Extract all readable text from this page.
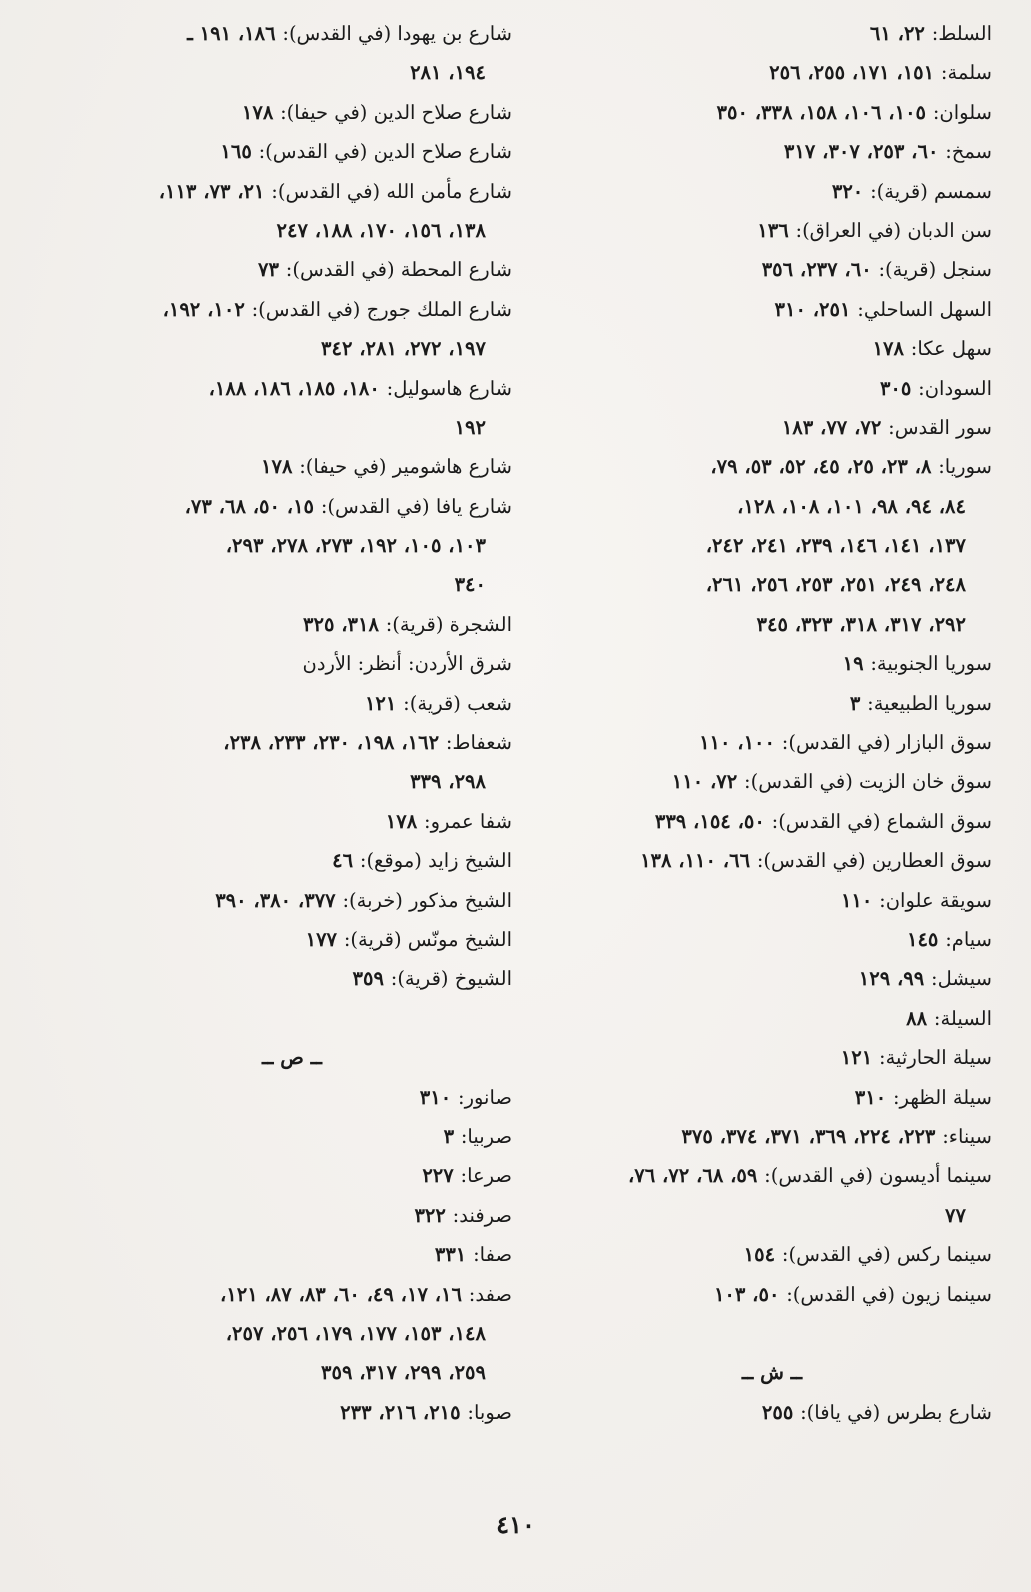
السلط: ٢٢، ٦١
سلمة: ١٥١، ١٧١، ٢٥٥، ٢٥٦
سلوان: ١٠٥، ١٠٦، ١٥٨، ٣٣٨، ٣٥٠
سمخ: ٦٠، ٢٥٣، ٣٠٧، ٣١٧
سمسم (قرية): ٣٢٠
سن الدبان (في العراق): ١٣٦
سنجل (قرية): ٦٠، ٢٣٧، ٣٥٦
السهل الساحلي: ٢٥١، ٣١٠
سهل عكا: ١٧٨
السودان: ٣٠٥
سور القدس: ٧٢، ٧٧، ١٨٣
سوريا: ٨، ٢٣، ٢٥، ٤٥، ٥٢، ٥٣، ٧٩،
٨٤، ٩٤، ٩٨، ١٠١، ١٠٨، ١٢٨،
١٣٧، ١٤١، ١٤٦، ٢٣٩، ٢٤١، ٢٤٢،
٢٤٨، ٢٤٩، ٢٥١، ٢٥٣، ٢٥٦، ٢٦١،
٢٩٢، ٣١٧، ٣١٨، ٣٢٣، ٣٤٥
سوريا الجنوبية: ١٩
سوريا الطبيعية: ٣
سوق البازار (في القدس): ١٠٠، ١١٠
سوق خان الزيت (في القدس): ٧٢، ١١٠
سوق الشماع (في القدس): ٥٠، ١٥٤، ٣٣٩
سوق العطارين (في القدس): ٦٦، ١١٠، ١٣٨
سويقة علوان: ١١٠
سيام: ١٤٥
سيشل: ٩٩، ١٢٩
السيلة: ٨٨
سيلة الحارثية: ١٢١
سيلة الظهر: ٣١٠
سيناء: ٢٢٣، ٢٢٤، ٣٦٩، ٣٧١، ٣٧٤، ٣٧٥
سينما أديسون (في القدس): ٥٩، ٦٨، ٧٢، ٧٦،
٧٧
سينما ركس (في القدس): ١٥٤
سينما زيون (في القدس): ٥٠، ١٠٣
ــ ش ــ
شارع بطرس (في يافا): ٢٥٥
شارع بن يهودا (في القدس): ١٨٦، ١٩١ ـ
١٩٤، ٢٨١
شارع صلاح الدين (في حيفا): ١٧٨
شارع صلاح الدين (في القدس): ١٦٥
شارع مأمن الله (في القدس): ٢١، ٧٣، ١١٣،
١٣٨، ١٥٦، ١٧٠، ١٨٨، ٢٤٧
شارع المحطة (في القدس): ٧٣
شارع الملك جورج (في القدس): ١٠٢، ١٩٢،
١٩٧، ٢٧٢، ٢٨١، ٣٤٢
شارع هاسوليل: ١٨٠، ١٨٥، ١٨٦، ١٨٨،
١٩٢
شارع هاشومير (في حيفا): ١٧٨
شارع يافا (في القدس): ١٥، ٥٠، ٦٨، ٧٣،
١٠٣، ١٠٥، ١٩٢، ٢٧٣، ٢٧٨، ٢٩٣،
٣٤٠
الشجرة (قرية): ٣١٨، ٣٢٥
شرق الأردن: أنظر: الأردن
شعب (قرية): ١٢١
شعفاط: ١٦٢، ١٩٨، ٢٣٠، ٢٣٣، ٢٣٨،
٢٩٨، ٣٣٩
شفا عمرو: ١٧٨
الشيخ زايد (موقع): ٤٦
الشيخ مذكور (خربة): ٣٧٧، ٣٨٠، ٣٩٠
الشيخ مونّس (قرية): ١٧٧
الشيوخ (قرية): ٣٥٩
ــ ص ــ
صانور: ٣١٠
صربيا: ٣
صرعا: ٢٢٧
صرفند: ٣٢٢
صفا: ٣٣١
صفد: ١٦، ١٧، ٤٩، ٦٠، ٨٣، ٨٧، ١٢١،
١٤٨، ١٥٣، ١٧٧، ١٧٩، ٢٥٦، ٢٥٧،
٢٥٩، ٢٩٩، ٣١٧، ٣٥٩
صوبا: ٢١٥، ٢١٦، ٢٣٣
٤١٠
